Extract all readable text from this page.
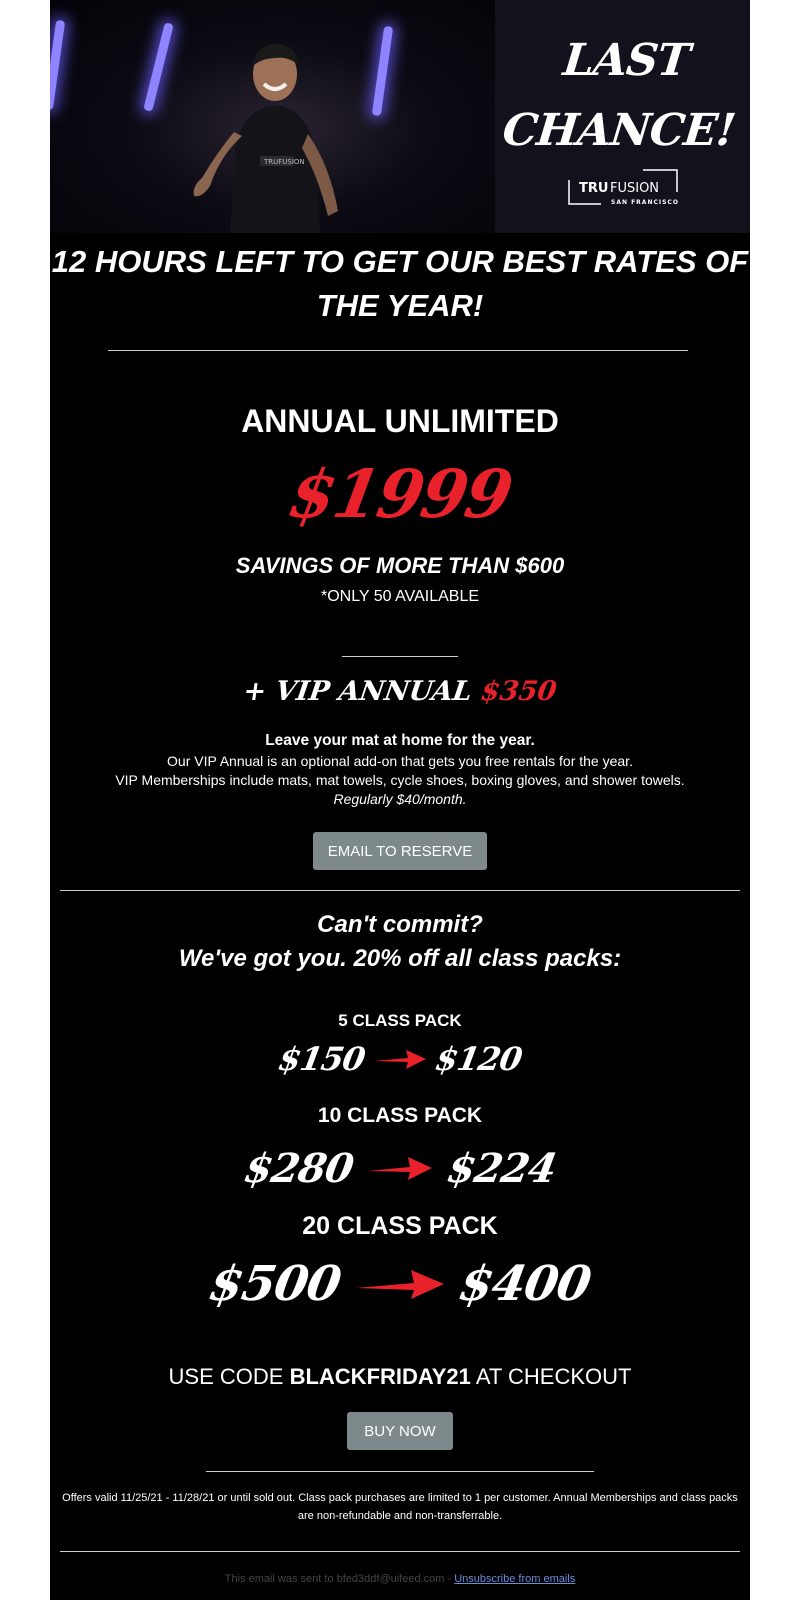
TRUFUSION
LAST
CHANCE!
TRU FUSION
SAN FRANCISCO
12 HOURS LEFT TO GET OUR BEST RATES OF THE YEAR!
ANNUAL UNLIMITED
$1999
SAVINGS OF MORE THAN $600
*ONLY 50 AVAILABLE
+ VIP ANNUAL $350
Leave your mat at home for the year.
Our VIP Annual is an optional add-on that gets you free rentals for the year.
VIP Memberships include mats, mat towels, cycle shoes, boxing gloves, and shower towels.
Regularly $40/month.
EMAIL TO RESERVE
Can't commit?
We've got you. 20% off all class packs:
5 CLASS PACK
$150 $120
10 CLASS PACK
$280 $224
20 CLASS PACK
$500 $400
USE CODE BLACKFRIDAY21 AT CHECKOUT
BUY NOW
Offers valid 11/25/21 - 11/28/21 or until sold out. Class pack purchases are limited to 1 per customer. Annual Memberships and class packs are non-refundable and non-transferrable.
This email was sent to bfed3ddf@uifeed.com - Unsubscribe from emails
